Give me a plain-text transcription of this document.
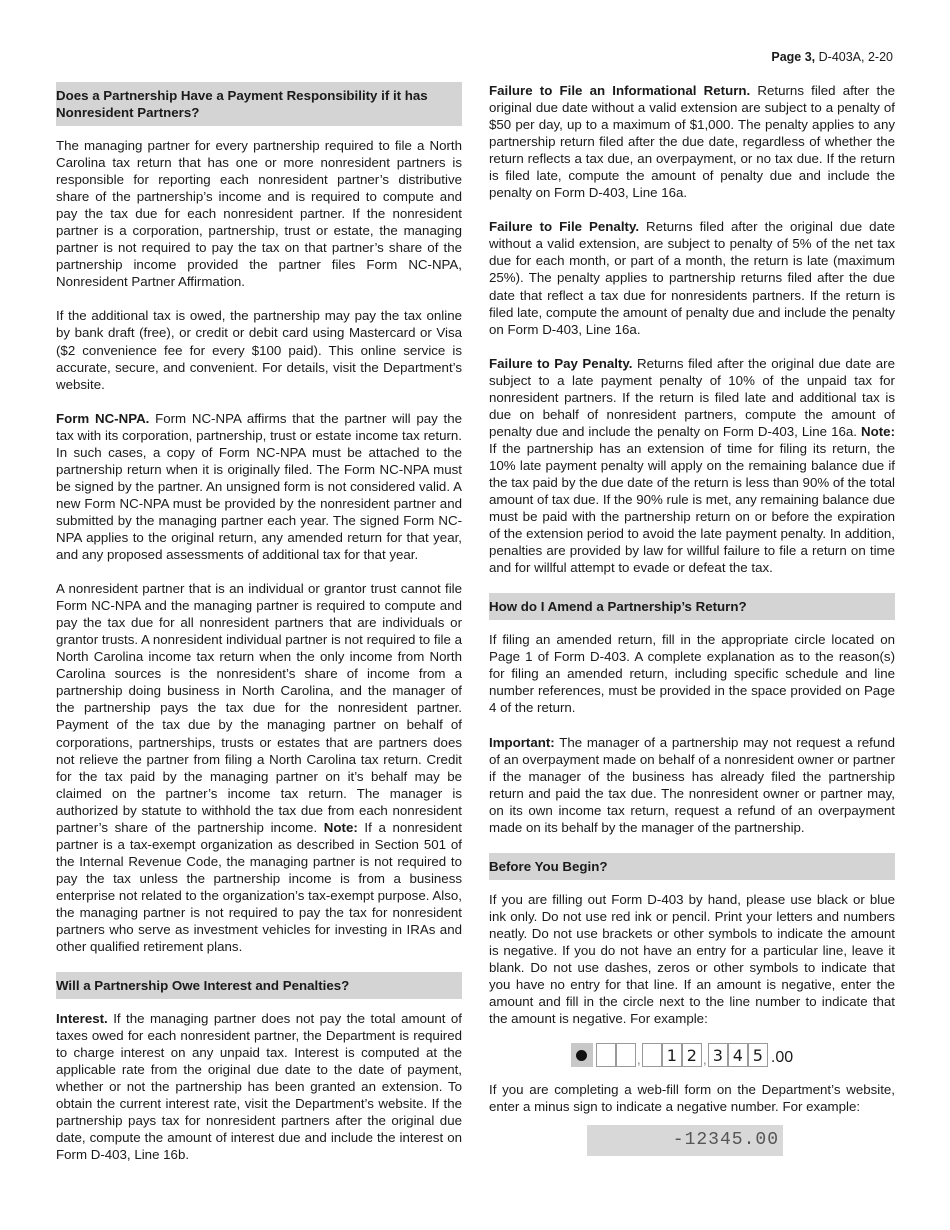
Page 3, D-403A, 2-20
Does a Partnership Have a Payment Responsibility if it has Nonresident Partners?

The managing partner for every partnership required to file a North Carolina tax return that has one or more nonresident partners is responsible for reporting each nonresident partner’s distributive share of the partnership’s income and is required to compute and pay the tax due for each nonresident partner. If the nonresident partner is a corporation, partnership, trust or estate, the managing partner is not required to pay the tax on that partner’s share of the partnership income provided the partner files Form NC-NPA, Nonresident Partner Affirmation.

If the additional tax is owed, the partnership may pay the tax online by bank draft (free), or credit or debit card using Mastercard or Visa ($2 convenience fee for every $100 paid). This online service is accurate, secure, and convenient. For details, visit the Department’s website.

Form NC-NPA. Form NC-NPA affirms that the partner will pay the tax with its corporation, partnership, trust or estate income tax return. In such cases, a copy of Form NC-NPA must be attached to the partnership return when it is originally filed. The Form NC-NPA must be signed by the partner. An unsigned form is not considered valid. A new Form NC-NPA must be provided by the nonresident partner and submitted by the managing partner each year. The signed Form NC-NPA applies to the original return, any amended return for that year, and any proposed assessments of additional tax for that year.

A nonresident partner that is an individual or grantor trust cannot file Form NC-NPA and the managing partner is required to compute and pay the tax due for all nonresident partners that are individuals or grantor trusts. A nonresident individual partner is not required to file a North Carolina income tax return when the only income from North Carolina sources is the nonresident’s share of income from a partnership doing business in North Carolina, and the manager of the partnership pays the tax due for the nonresident partner. Payment of the tax due by the managing partner on behalf of corporations, partnerships, trusts or estates that are partners does not relieve the partner from filing a North Carolina tax return. Credit for the tax paid by the managing partner on it’s behalf may be claimed on the partner’s income tax return. The manager is authorized by statute to withhold the tax due from each nonresident partner’s share of the partnership income. Note: If a nonresident partner is a tax-exempt organization as described in Section 501 of the Internal Revenue Code, the managing partner is not required to pay the tax unless the partnership income is from a business enterprise not related to the organization’s tax-exempt purpose. Also, the managing partner is not required to pay the tax for nonresident partners who serve as investment vehicles for investing in IRAs and other qualified retirement plans.

Will a Partnership Owe Interest and Penalties?

Interest. If the managing partner does not pay the total amount of taxes owed for each nonresident partner, the Department is required to charge interest on any unpaid tax. Interest is computed at the applicable rate from the original due date to the date of payment, whether or not the partnership has been granted an extension. To obtain the current interest rate, visit the Department’s website. If the partnership pays tax for nonresident partners after the original due date, compute the amount of interest due and include the interest on Form D-403, Line 16b.

Failure to File an Informational Return. Returns filed after the original due date without a valid extension are subject to a penalty of $50 per day, up to a maximum of $1,000. The penalty applies to any partnership return filed after the due date, regardless of whether the return reflects a tax due, an overpayment, or no tax due. If the return is filed late, compute the amount of penalty due and include the penalty on Form D-403, Line 16a.

Failure to File Penalty. Returns filed after the original due date without a valid extension, are subject to penalty of 5% of the net tax due for each month, or part of a month, the return is late (maximum 25%). The penalty applies to partnership returns filed after the due date that reflect a tax due for nonresidents partners. If the return is filed late, compute the amount of penalty due and include the penalty on Form D-403, Line 16a.

Failure to Pay Penalty. Returns filed after the original due date are subject to a late payment penalty of 10% of the unpaid tax for nonresident partners. If the return is filed late and additional tax is due on behalf of nonresident partners, compute the amount of penalty due and include the penalty on Form D-403, Line 16a. Note: If the partnership has an extension of time for filing its return, the 10% late payment penalty will apply on the remaining balance due if the tax paid by the due date of the return is less than 90% of the total amount of tax due. If the 90% rule is met, any remaining balance due must be paid with the partnership return on or before the expiration of the extension period to avoid the late payment penalty. In addition, penalties are provided by law for willful failure to file a return on time and for willful attempt to evade or defeat the tax.

How do I Amend a Partnership’s Return?

If filing an amended return, fill in the appropriate circle located on Page 1 of Form D-403. A complete explanation as to the reason(s) for filing an amended return, including specific schedule and line number references, must be provided in the space provided on Page 4 of the return.

Important: The manager of a partnership may not request a refund of an overpayment made on behalf of a nonresident owner or partner if the manager of the business has already filed the partnership return and paid the tax due. The nonresident owner or partner may, on its own income tax return, request a refund of an overpayment made on its behalf by the manager of the partnership.

Before You Begin?

If you are filling out Form D-403 by hand, please use black or blue ink only. Do not use red ink or pencil. Print your letters and numbers neatly. Do not use brackets or other symbols to indicate the amount is negative. If you do not have an entry for a particular line, leave it blank. Do not use dashes, zeros or other symbols to indicate that you have no entry for that line. If an amount is negative, enter the amount and fill in the circle next to the line number to indicate that the amount is negative. For example:

,	1 2 , 3 4 5 .00

If you are completing a web-fill form on the Department’s website, enter a minus sign to indicate a negative number. For example:

-12345.00
